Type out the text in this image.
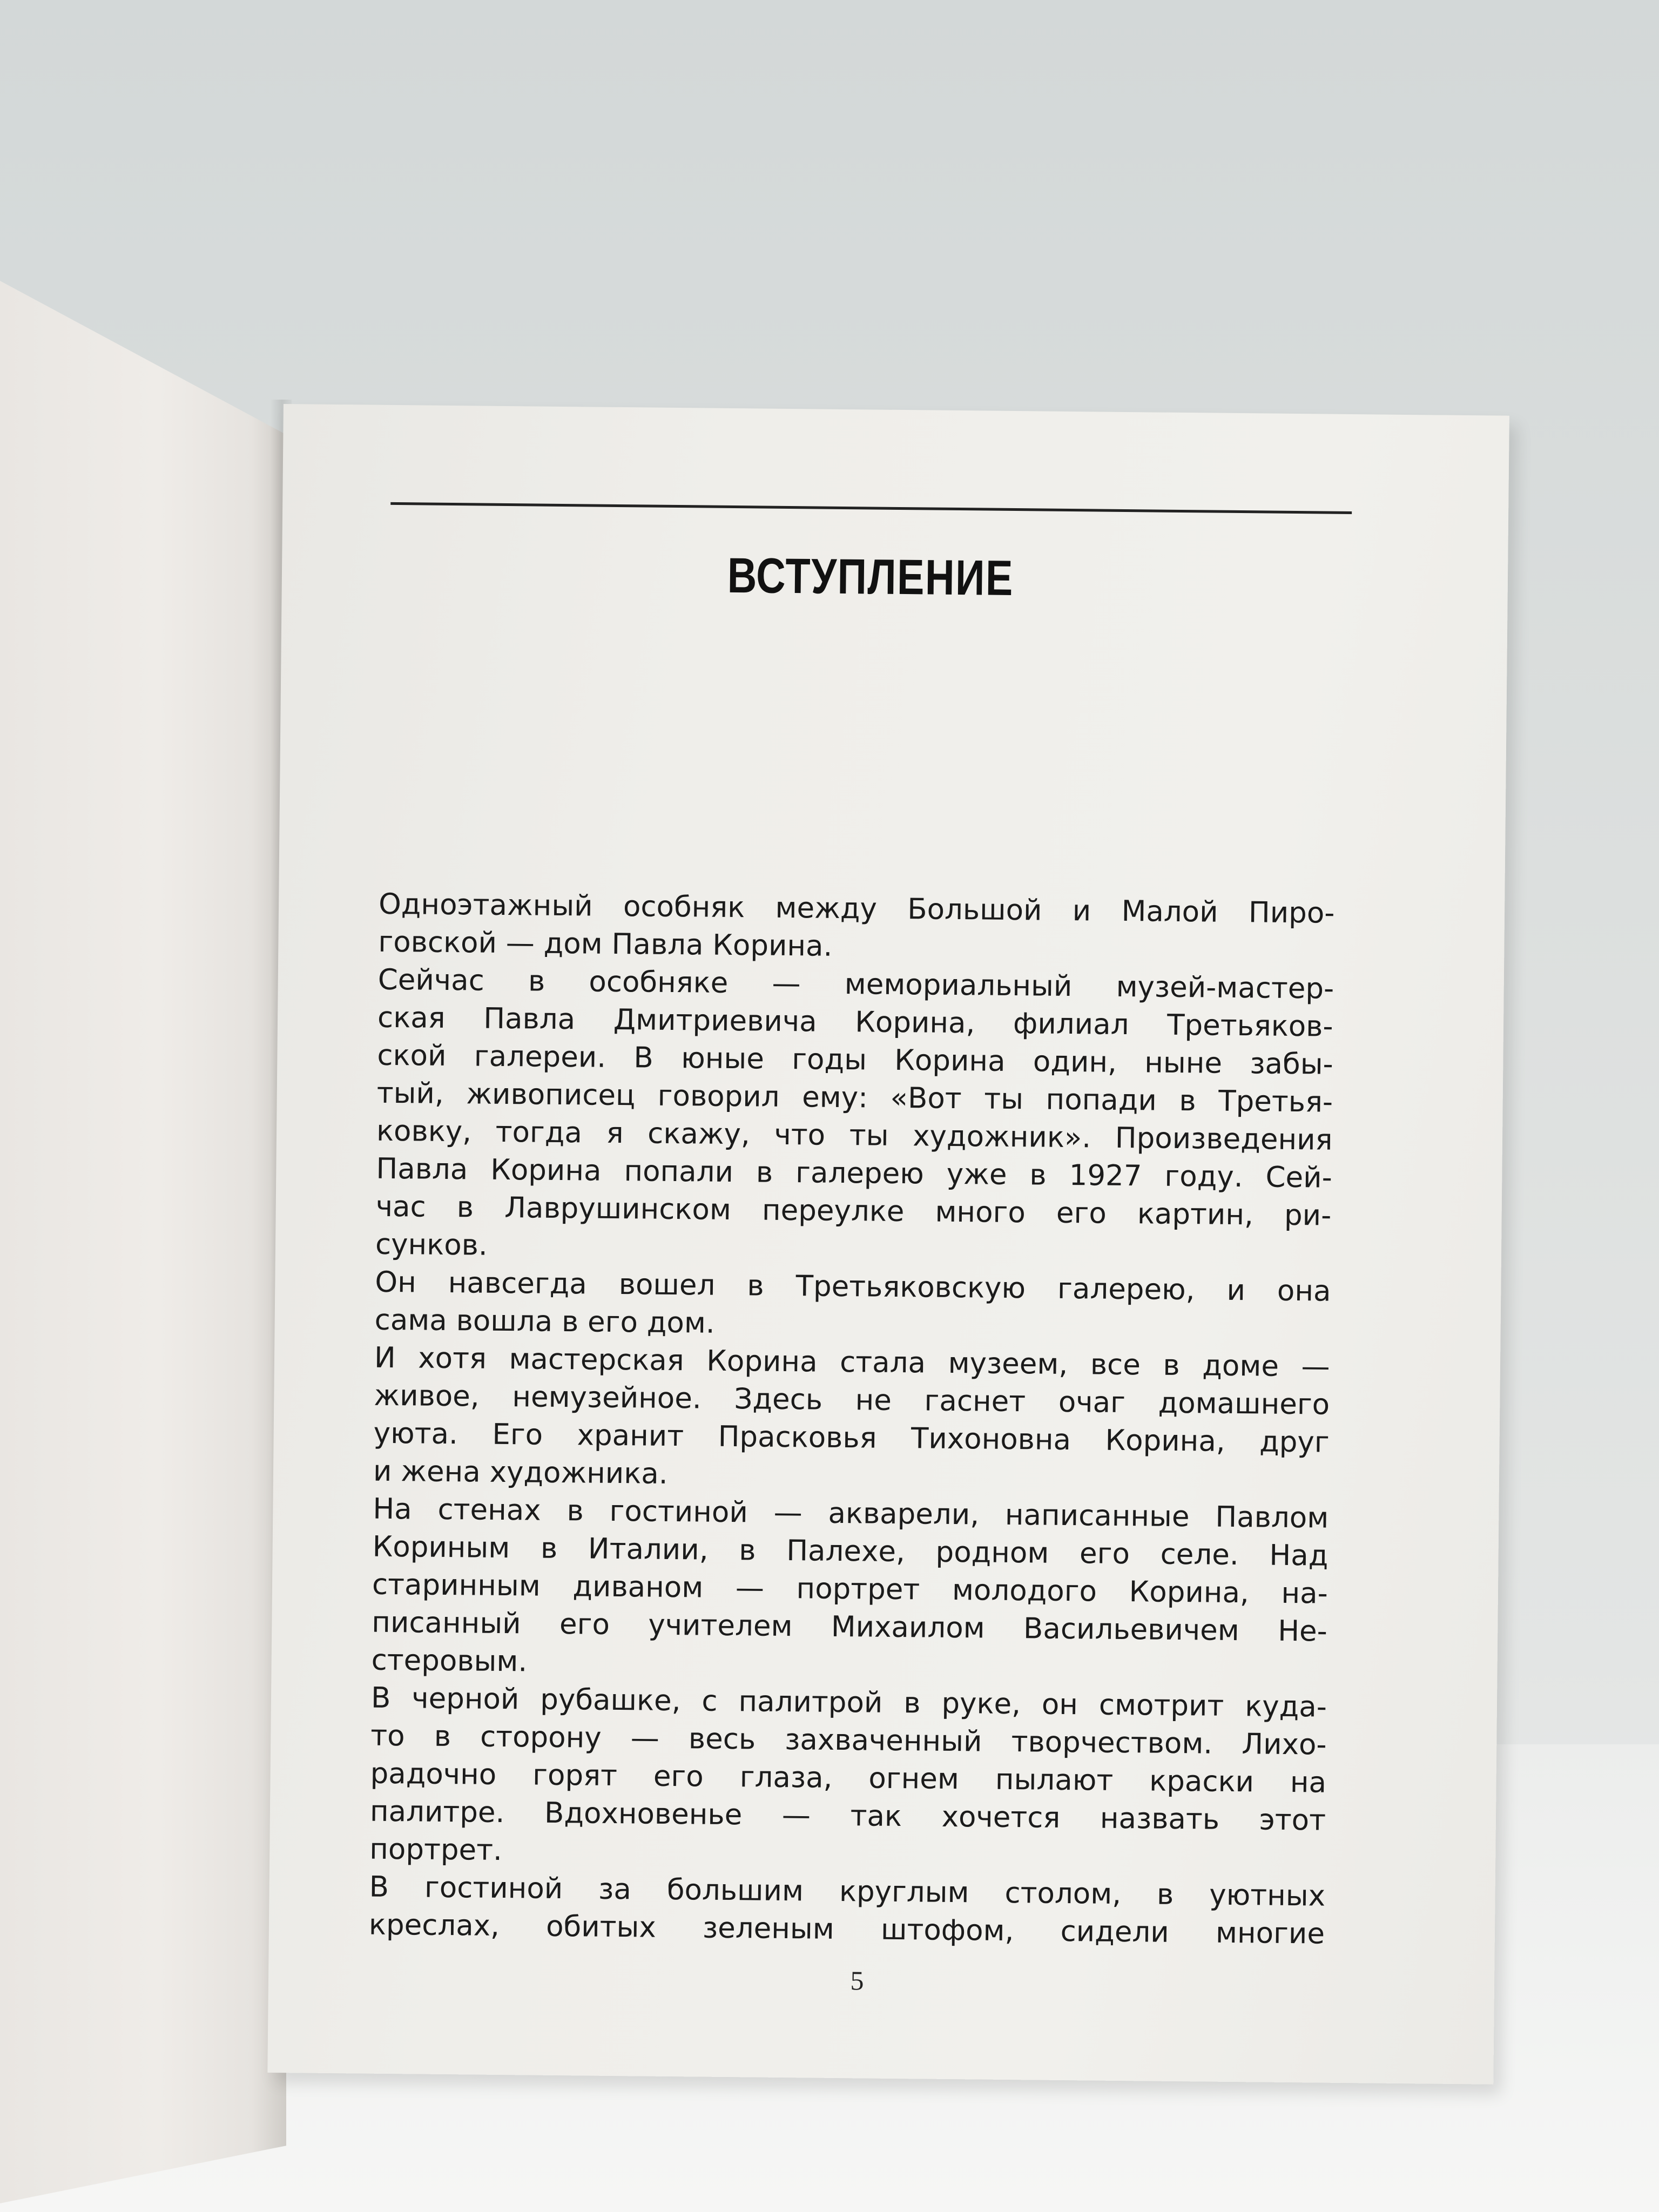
ВСТУПЛЕНИЕ
Одноэтажный особняк между Большой и Малой Пиро-
говской — дом Павла Корина.
Сейчас в особняке — мемориальный музей-мастер-
ская Павла Дмитриевича Корина, филиал Третьяков-
ской галереи. В юные годы Корина один, ныне забы-
тый, живописец говорил ему: «Вот ты попади в Третья-
ковку, тогда я скажу, что ты художник». Произведения
Павла Корина попали в галерею уже в 1927 году. Сей-
час в Лаврушинском переулке много его картин, ри-
сунков.
Он навсегда вошел в Третьяковскую галерею, и она
сама вошла в его дом.
И хотя мастерская Корина стала музеем, все в доме —
живое, немузейное. Здесь не гаснет очаг домашнего
уюта. Его хранит Прасковья Тихоновна Корина, друг
и жена художника.
На стенах в гостиной — акварели, написанные Павлом
Кориным в Италии, в Палехе, родном его селе. Над
старинным диваном — портрет молодого Корина, на-
писанный его учителем Михаилом Васильевичем Не-
стеровым.
В черной рубашке, с палитрой в руке, он смотрит куда-
то в сторону — весь захваченный творчеством. Лихо-
радочно горят его глаза, огнем пылают краски на
палитре. Вдохновенье — так хочется назвать этот
портрет.
В гостиной за большим круглым столом, в уютных
креслах, обитых зеленым штофом, сидели многие
5
